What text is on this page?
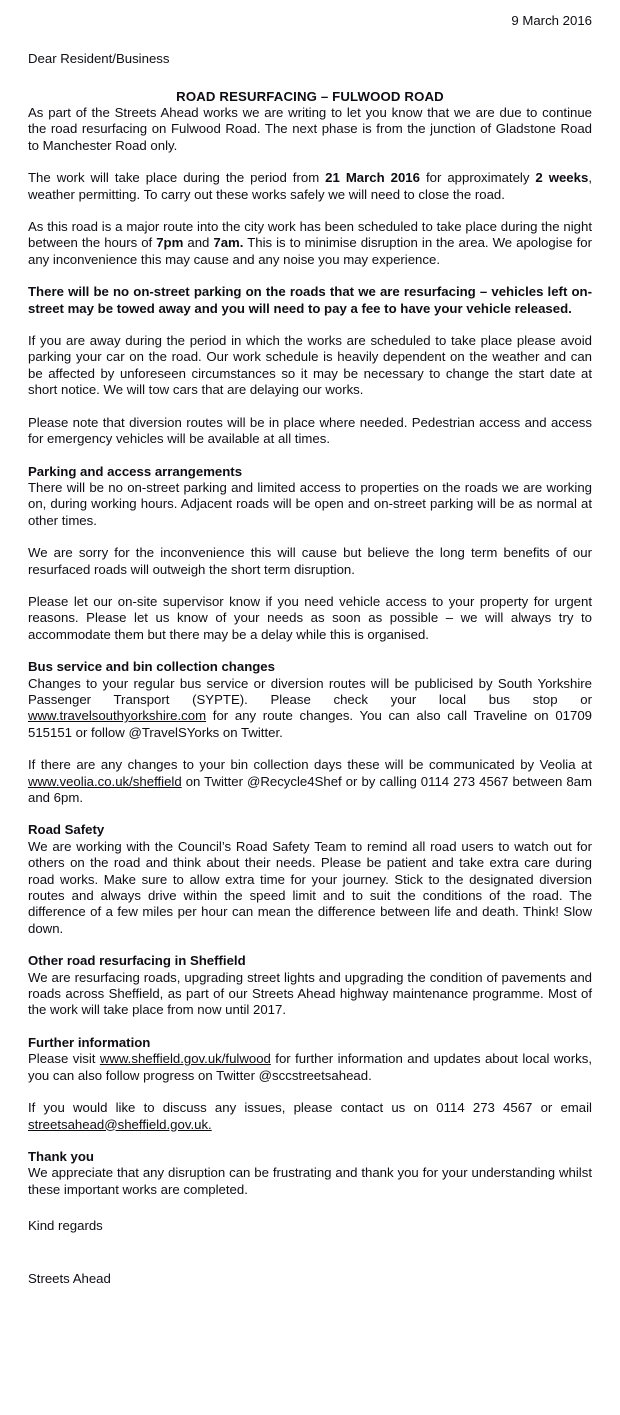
9 March 2016
Dear Resident/Business
ROAD RESURFACING – FULWOOD ROAD

As part of the Streets Ahead works we are writing to let you know that we are due to continue the road resurfacing on Fulwood Road. The next phase is from the junction of Gladstone Road to Manchester Road only.

The work will take place during the period from 21 March 2016 for approximately 2 weeks, weather permitting. To carry out these works safely we will need to close the road.

As this road is a major route into the city work has been scheduled to take place during the night between the hours of 7pm and 7am. This is to minimise disruption in the area. We apologise for any inconvenience this may cause and any noise you may experience.

There will be no on-street parking on the roads that we are resurfacing – vehicles left on-street may be towed away and you will need to pay a fee to have your vehicle released.

If you are away during the period in which the works are scheduled to take place please avoid parking your car on the road. Our work schedule is heavily dependent on the weather and can be affected by unforeseen circumstances so it may be necessary to change the start date at short notice. We will tow cars that are delaying our works.

Please note that diversion routes will be in place where needed. Pedestrian access and access for emergency vehicles will be available at all times.

Parking and access arrangements

There will be no on-street parking and limited access to properties on the roads we are working on, during working hours. Adjacent roads will be open and on-street parking will be as normal at other times.

We are sorry for the inconvenience this will cause but believe the long term benefits of our resurfaced roads will outweigh the short term disruption.

Please let our on-site supervisor know if you need vehicle access to your property for urgent reasons. Please let us know of your needs as soon as possible – we will always try to accommodate them but there may be a delay while this is organised.

Bus service and bin collection changes

Changes to your regular bus service or diversion routes will be publicised by South Yorkshire Passenger Transport (SYPTE). Please check your local bus stop or www.travelsouthyorkshire.com for any route changes. You can also call Traveline on 01709 515151 or follow @TravelSYorks on Twitter.

If there are any changes to your bin collection days these will be communicated by Veolia at www.veolia.co.uk/sheffield on Twitter @Recycle4Shef or by calling 0114 273 4567 between 8am and 6pm.

Road Safety

We are working with the Council’s Road Safety Team to remind all road users to watch out for others on the road and think about their needs. Please be patient and take extra care during road works. Make sure to allow extra time for your journey. Stick to the designated diversion routes and always drive within the speed limit and to suit the conditions of the road. The difference of a few miles per hour can mean the difference between life and death. Think! Slow down.

Other road resurfacing in Sheffield

We are resurfacing roads, upgrading street lights and upgrading the condition of pavements and roads across Sheffield, as part of our Streets Ahead highway maintenance programme. Most of the work will take place from now until 2017.

Further information

Please visit www.sheffield.gov.uk/fulwood for further information and updates about local works, you can also follow progress on Twitter @sccstreetsahead.

If you would like to discuss any issues, please contact us on 0114 273 4567 or email streetsahead@sheffield.gov.uk.

Thank you

We appreciate that any disruption can be frustrating and thank you for your understanding whilst these important works are completed.

Kind regards

Streets Ahead
